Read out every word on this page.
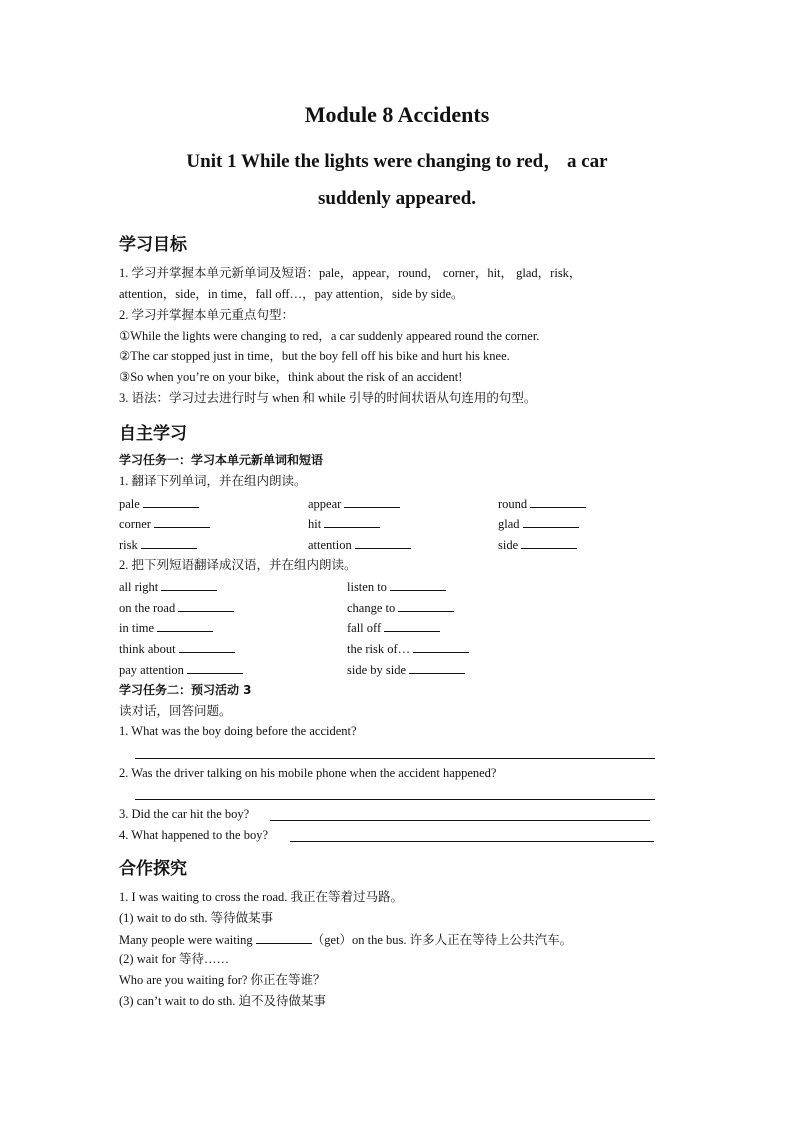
Module 8 Accidents
Unit 1 While the lights were changing to red， a car
suddenly appeared.
学习目标
1. 学习并掌握本单元新单词及短语：pale，appear，round， corner，hit， glad，risk，
attention，side，in time，fall off…，pay attention，side by side。
2. 学习并掌握本单元重点句型：
①While the lights were changing to red，a car suddenly appeared round the corner.
②The car stopped just in time，but the boy fell off his bike and hurt his knee.
③So when you’re on your bike，think about the risk of an accident!
3. 语法：学习过去进行时与 when 和 while 引导的时间状语从句连用的句型。
自主学习
学习任务一：学习本单元新单词和短语
1. 翻译下列单词，并在组内朗读。
pale	appear	round
corner	hit	glad
risk	attention	side
2. 把下列短语翻译成汉语，并在组内朗读。
all right	listen to
on the road	change to
in time	fall off
think about	the risk of…
pay attention	side by side
学习任务二：预习活动 3
读对话，回答问题。
1. What was the boy doing before the accident?
2. Was the driver talking on his mobile phone when the accident happened?
3. Did the car hit the boy?
4. What happened to the boy?
合作探究
1. I was waiting to cross the road. 我正在等着过马路。
(1) wait to do sth. 等待做某事
Many people were waiting	（get）on the bus. 许多人正在等待上公共汽车。
(2) wait for 等待……
Who are you waiting for? 你正在等谁？
(3) can’t wait to do sth. 迫不及待做某事
